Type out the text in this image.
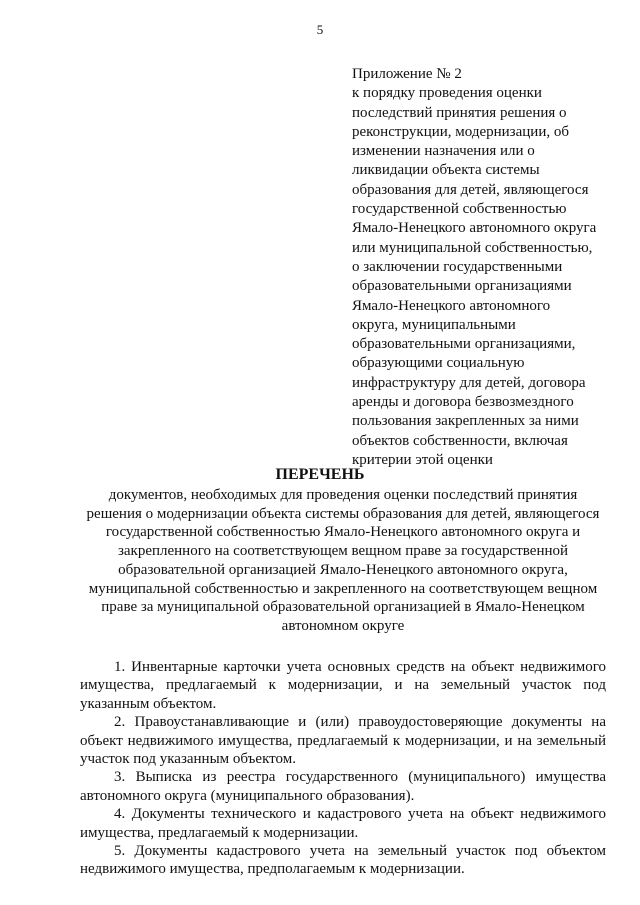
5
Приложение № 2
к порядку проведения оценки
последствий принятия решения о
реконструкции, модернизации, об
изменении назначения или о
ликвидации объекта системы
образования для детей, являющегося
государственной собственностью
Ямало-Ненецкого автономного округа
или муниципальной собственностью,
о заключении государственными
образовательными организациями
Ямало-Ненецкого автономного
округа, муниципальными
образовательными организациями,
образующими социальную
инфраструктуру для детей, договора
аренды и договора безвозмездного
пользования закрепленных за ними
объектов собственности, включая
критерии этой оценки
ПЕРЕЧЕНЬ
документов, необходимых для проведения оценки последствий принятия
решения о модернизации объекта системы образования для детей, являющегося
государственной собственностью Ямало-Ненецкого автономного округа и
закрепленного на соответствующем вещном праве за государственной
образовательной организацией Ямало-Ненецкого автономного округа,
муниципальной собственностью и закрепленного на соответствующем вещном
праве за муниципальной образовательной организацией в Ямало-Ненецком
автономном округе

1. Инвентарные карточки учета основных средств на объект недвижимого имущества, предлагаемый к модернизации, и на земельный участок под указанным объектом.

2. Правоустанавливающие и (или) правоудостоверяющие документы на объект недвижимого имущества, предлагаемый к модернизации, и на земельный участок под указанным объектом.

3. Выписка из реестра государственного (муниципального) имущества автономного округа (муниципального образования).

4. Документы технического и кадастрового учета на объект недвижимого имущества, предлагаемый к модернизации.

5. Документы кадастрового учета на земельный участок под объектом недвижимого имущества, предполагаемым к модернизации.
